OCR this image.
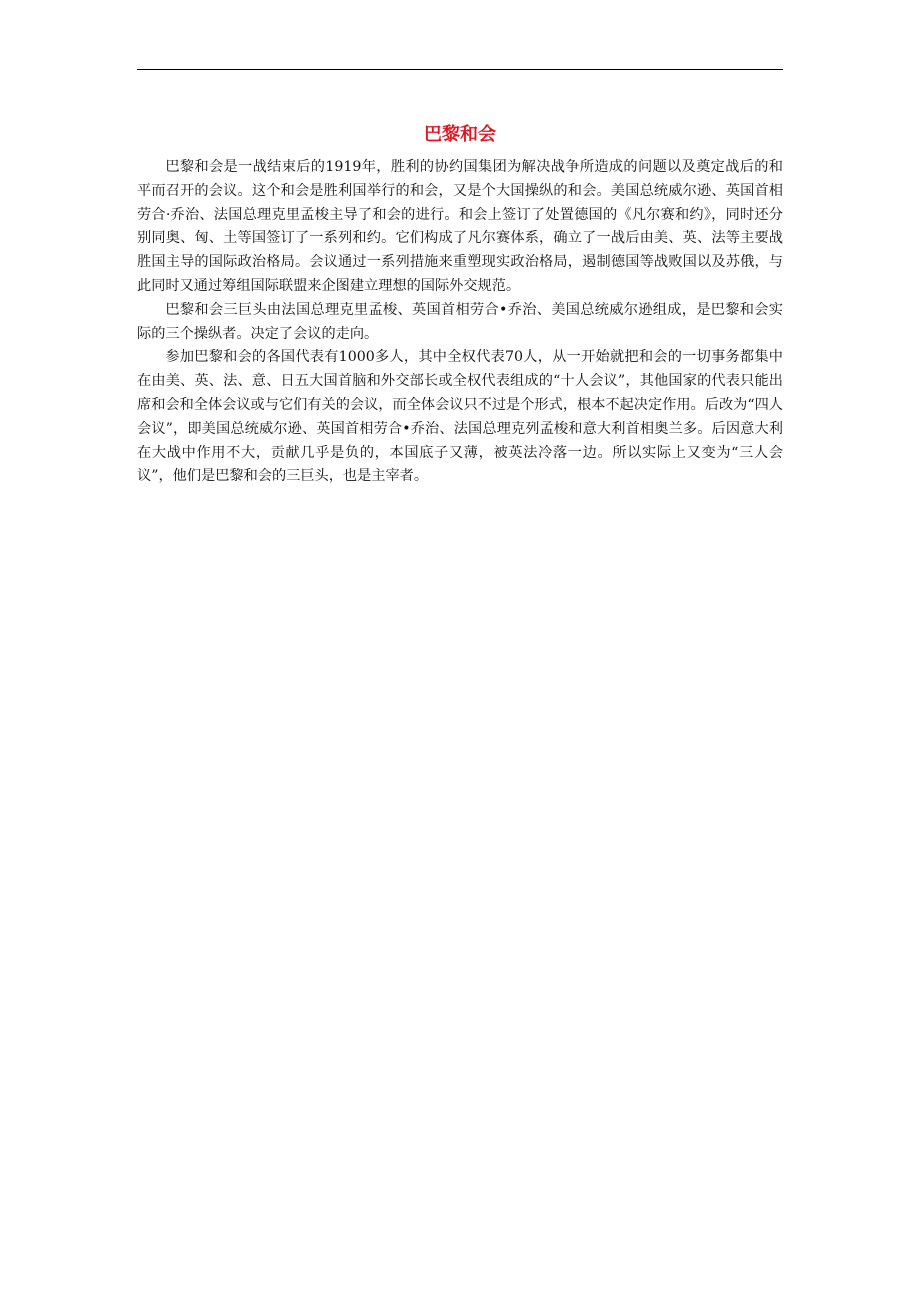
巴黎和会

巴黎和会是一战结束后的1919年，胜利的协约国集团为解决战争所造成的问题以及奠定战后的和平而召开的会议。这个和会是胜利国举行的和会，又是个大国操纵的和会。美国总统威尔逊、英国首相劳合·乔治、法国总理克里孟梭主导了和会的进行。和会上签订了处置德国的《凡尔赛和约》，同时还分别同奥、匈、土等国签订了一系列和约。它们构成了凡尔赛体系，确立了一战后由美、英、法等主要战胜国主导的国际政治格局。会议通过一系列措施来重塑现实政治格局，遏制德国等战败国以及苏俄，与此同时又通过筹组国际联盟来企图建立理想的国际外交规范。

巴黎和会三巨头由法国总理克里孟梭、英国首相劳合•乔治、美国总统威尔逊组成，是巴黎和会实际的三个操纵者。决定了会议的走向。

参加巴黎和会的各国代表有1000多人，其中全权代表70人，从一开始就把和会的一切事务都集中在由美、英、法、意、日五大国首脑和外交部长或全权代表组成的“十人会议”，其他国家的代表只能出席和会和全体会议或与它们有关的会议，而全体会议只不过是个形式，根本不起决定作用。后改为“四人会议”，即美国总统威尔逊、英国首相劳合•乔治、法国总理克列孟梭和意大利首相奥兰多。后因意大利在大战中作用不大，贡献几乎是负的，本国底子又薄，被英法冷落一边。所以实际上又变为“三人会议”，他们是巴黎和会的三巨头，也是主宰者。
